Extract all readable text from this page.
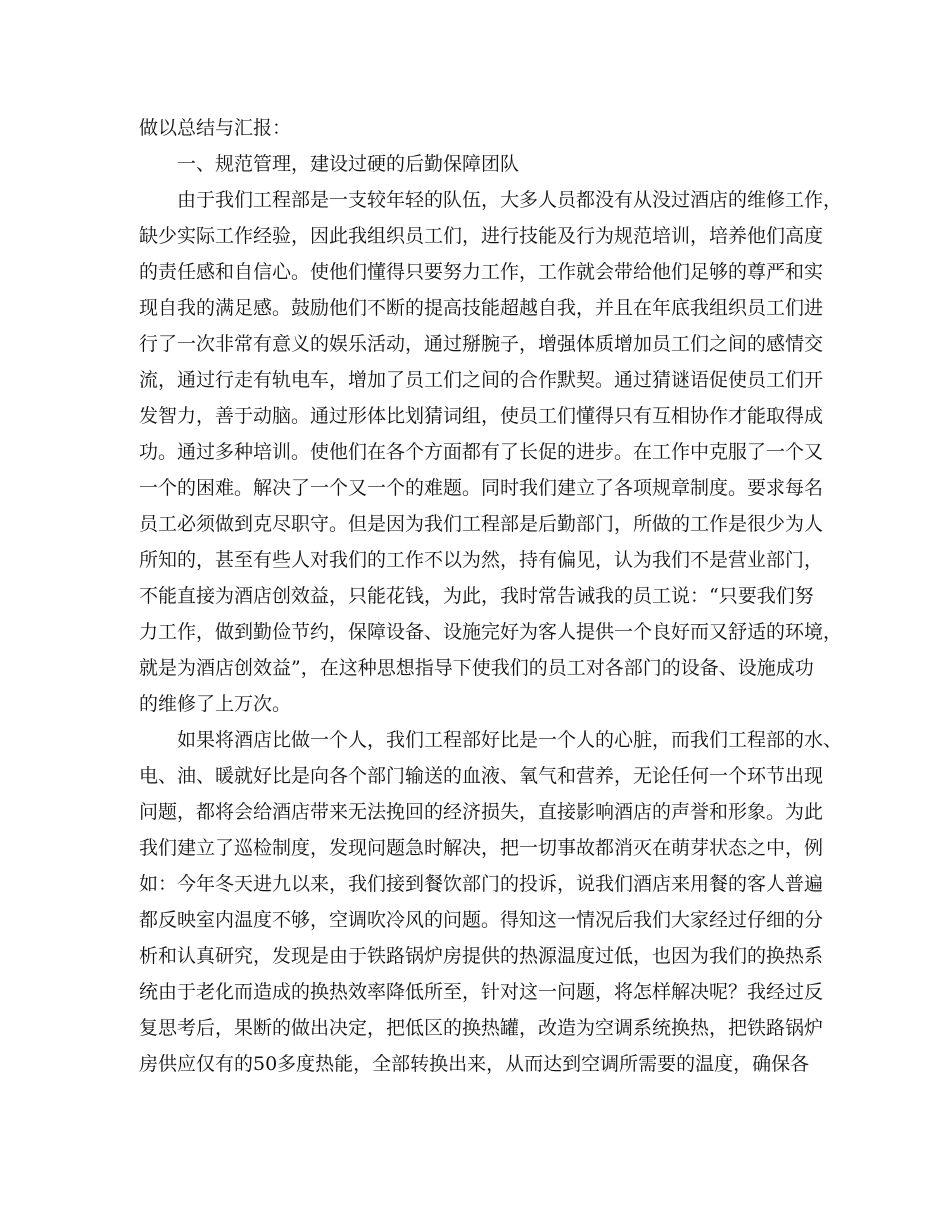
做以总结与汇报：

一、规范管理，建设过硬的后勤保障团队

由于我们工程部是一支较年轻的队伍，大多人员都没有从没过酒店的维修工作，

缺少实际工作经验，因此我组织员工们，进行技能及行为规范培训，培养他们高度

的责任感和自信心。使他们懂得只要努力工作，工作就会带给他们足够的尊严和实

现自我的满足感。鼓励他们不断的提高技能超越自我，并且在年底我组织员工们进

行了一次非常有意义的娱乐活动，通过掰腕子，增强体质增加员工们之间的感情交

流，通过行走有轨电车，增加了员工们之间的合作默契。通过猜谜语促使员工们开

发智力，善于动脑。通过形体比划猜词组，使员工们懂得只有互相协作才能取得成

功。通过多种培训。使他们在各个方面都有了长促的进步。在工作中克服了一个又

一个的困难。解决了一个又一个的难题。同时我们建立了各项规章制度。要求每名

员工必须做到克尽职守。但是因为我们工程部是后勤部门，所做的工作是很少为人

所知的，甚至有些人对我们的工作不以为然，持有偏见，认为我们不是营业部门，

不能直接为酒店创效益，只能花钱，为此，我时常告诫我的员工说：“只要我们努

力工作，做到勤俭节约，保障设备、设施完好为客人提供一个良好而又舒适的环境，

就是为酒店创效益”，在这种思想指导下使我们的员工对各部门的设备、设施成功

的维修了上万次。

如果将酒店比做一个人，我们工程部好比是一个人的心脏，而我们工程部的水、

电、油、暖就好比是向各个部门输送的血液、氧气和营养，无论任何一个环节出现

问题，都将会给酒店带来无法挽回的经济损失，直接影响酒店的声誉和形象。为此

我们建立了巡检制度，发现问题急时解决，把一切事故都消灭在萌芽状态之中，例

如：今年冬天进九以来，我们接到餐饮部门的投诉，说我们酒店来用餐的客人普遍

都反映室内温度不够，空调吹冷风的问题。得知这一情况后我们大家经过仔细的分

析和认真研究，发现是由于铁路锅炉房提供的热源温度过低，也因为我们的换热系

统由于老化而造成的换热效率降低所至，针对这一问题，将怎样解决呢？我经过反

复思考后，果断的做出决定，把低区的换热罐，改造为空调系统换热，把铁路锅炉

房供应仅有的50多度热能，全部转换出来，从而达到空调所需要的温度，确保各
